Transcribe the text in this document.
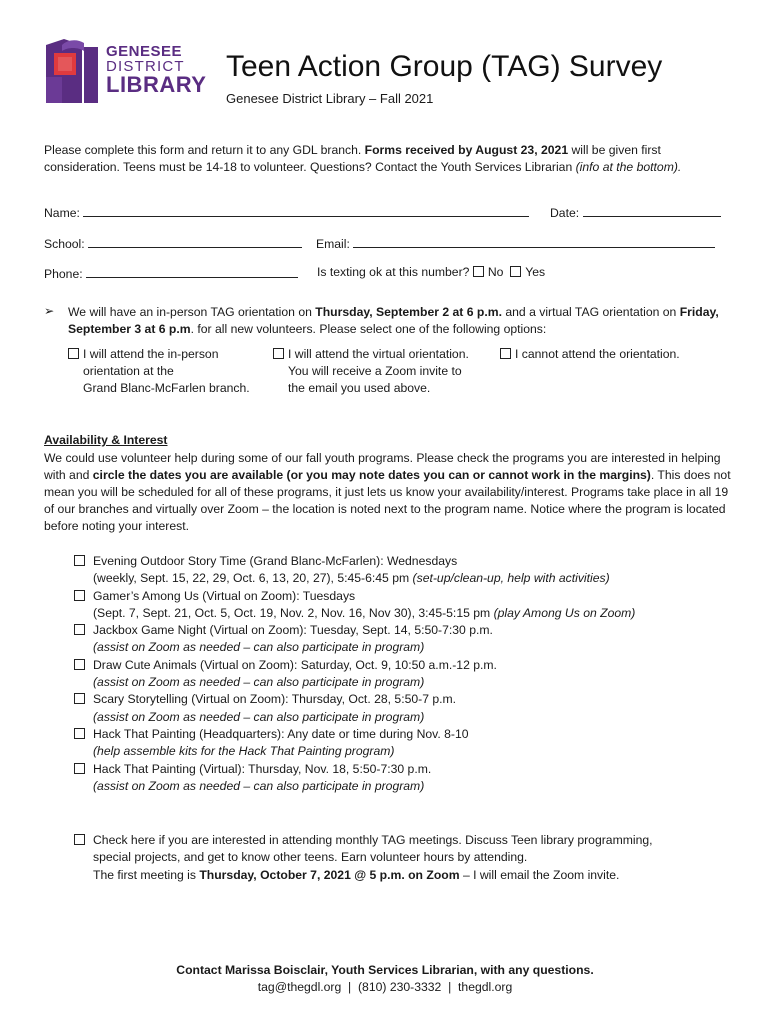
GENESEE
DISTRICT
LIBRARY
Teen Action Group (TAG) Survey
Genesee District Library – Fall 2021
Please complete this form and return it to any GDL branch. Forms received by August 23, 2021 will be given first consideration. Teens must be 14-18 to volunteer. Questions? Contact the Youth Services Librarian (info at the bottom).
Name:	Date:
School:	Email:
Phone:	Is texting ok at this number? No Yes
➢ We will have an in-person TAG orientation on Thursday, September 2 at 6 p.m. and a virtual TAG orientation on Friday, September 3 at 6 p.m. for all new volunteers. Please select one of the following options:
I will attend the in-person
orientation at the
Grand Blanc-McFarlen branch.
I will attend the virtual orientation.
You will receive a Zoom invite to
the email you used above.
I cannot attend the orientation.
Availability & Interest
We could use volunteer help during some of our fall youth programs. Please check the programs you are interested in helping with and circle the dates you are available (or you may note dates you can or cannot work in the margins). This does not mean you will be scheduled for all of these programs, it just lets us know your availability/interest. Programs take place in all 19 of our branches and virtually over Zoom – the location is noted next to the program name. Notice where the program is located before noting your interest.
Evening Outdoor Story Time (Grand Blanc-McFarlen): Wednesdays
(weekly, Sept. 15, 22, 29, Oct. 6, 13, 20, 27), 5:45-6:45 pm (set-up/clean-up, help with activities)
Gamer’s Among Us (Virtual on Zoom): Tuesdays
(Sept. 7, Sept. 21, Oct. 5, Oct. 19, Nov. 2, Nov. 16, Nov 30), 3:45-5:15 pm (play Among Us on Zoom)
Jackbox Game Night (Virtual on Zoom): Tuesday, Sept. 14, 5:50-7:30 p.m.
(assist on Zoom as needed – can also participate in program)
Draw Cute Animals (Virtual on Zoom): Saturday, Oct. 9, 10:50 a.m.-12 p.m.
(assist on Zoom as needed – can also participate in program)
Scary Storytelling (Virtual on Zoom): Thursday, Oct. 28, 5:50-7 p.m.
(assist on Zoom as needed – can also participate in program)
Hack That Painting (Headquarters): Any date or time during Nov. 8-10
(help assemble kits for the Hack That Painting program)
Hack That Painting (Virtual): Thursday, Nov. 18, 5:50-7:30 p.m.
(assist on Zoom as needed – can also participate in program)
Check here if you are interested in attending monthly TAG meetings. Discuss Teen library programming,
special projects, and get to know other teens. Earn volunteer hours by attending.
The first meeting is Thursday, October 7, 2021 @ 5 p.m. on Zoom – I will email the Zoom invite.
Contact Marissa Boisclair, Youth Services Librarian, with any questions.
tag@thegdl.org  |  (810) 230-3332  |  thegdl.org
